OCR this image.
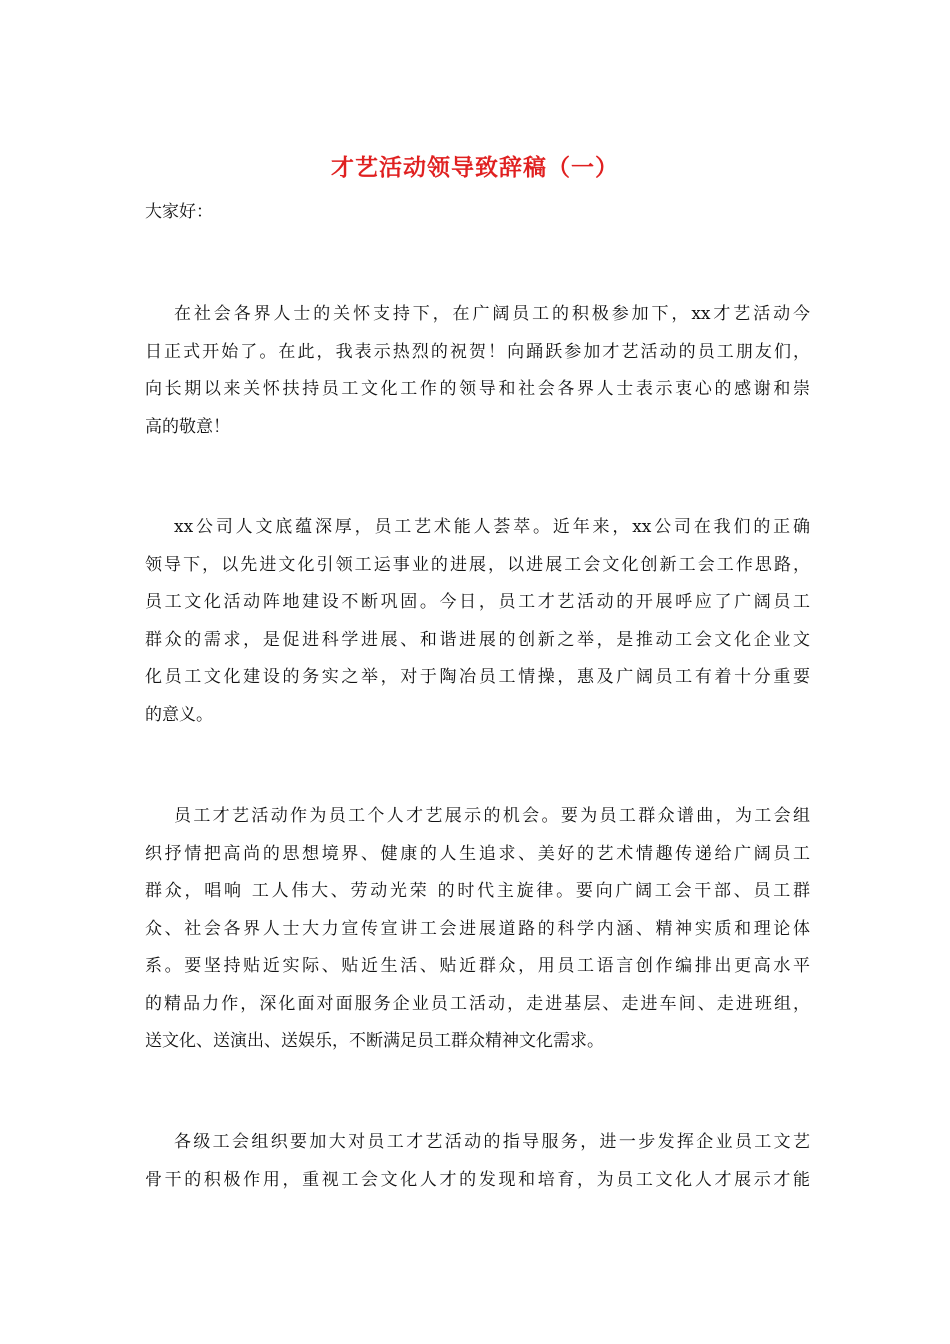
才艺活动领导致辞稿（一）

大家好：

在社会各界人士的关怀支持下，在广阔员工的积极参加下，xx才艺活动今
日正式开始了。在此，我表示热烈的祝贺！向踊跃参加才艺活动的员工朋友们，
向长期以来关怀扶持员工文化工作的领导和社会各界人士表示衷心的感谢和崇
高的敬意！
xx公司人文底蕴深厚，员工艺术能人荟萃。近年来，xx公司在我们的正确
领导下，以先进文化引领工运事业的进展，以进展工会文化创新工会工作思路，
员工文化活动阵地建设不断巩固。今日，员工才艺活动的开展呼应了广阔员工
群众的需求，是促进科学进展、和谐进展的创新之举，是推动工会文化企业文
化员工文化建设的务实之举，对于陶冶员工情操，惠及广阔员工有着十分重要
的意义。
员工才艺活动作为员工个人才艺展示的机会。要为员工群众谱曲，为工会组
织抒情把高尚的思想境界、健康的人生追求、美好的艺术情趣传递给广阔员工
群众，唱响 工人伟大、劳动光荣 的时代主旋律。要向广阔工会干部、员工群
众、社会各界人士大力宣传宣讲工会进展道路的科学内涵、精神实质和理论体
系。要坚持贴近实际、贴近生活、贴近群众，用员工语言创作编排出更高水平
的精品力作，深化面对面服务企业员工活动，走进基层、走进车间、走进班组，
送文化、送演出、送娱乐，不断满足员工群众精神文化需求。
各级工会组织要加大对员工才艺活动的指导服务，进一步发挥企业员工文艺
骨干的积极作用，重视工会文化人才的发现和培育，为员工文化人才展示才能
